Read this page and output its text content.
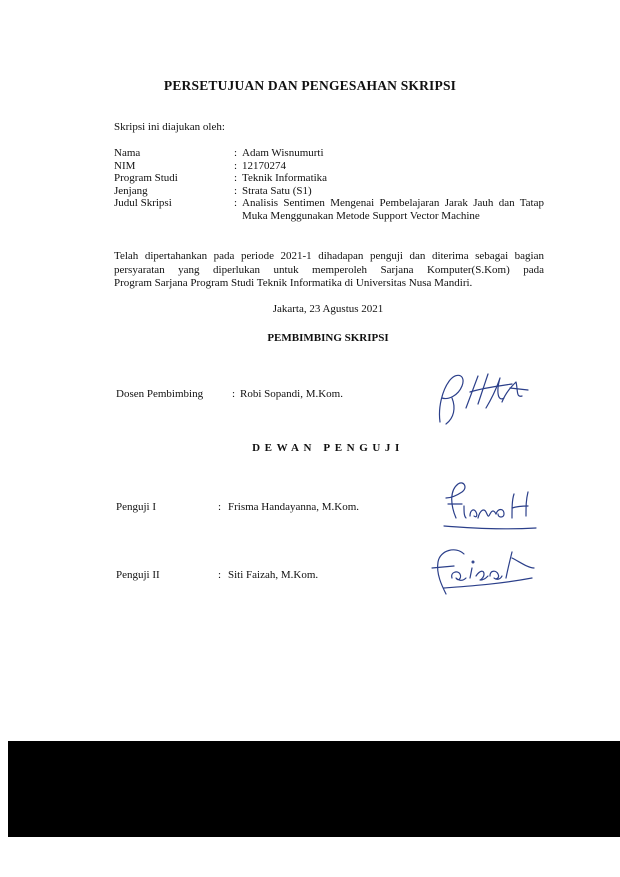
PERSETUJUAN DAN PENGESAHAN SKRIPSI
Skripsi ini diajukan oleh:
Nama	: Adam Wisnumurti
NIM	: 12170274
Program Studi	: Teknik Informatika
Jenjang	: Strata Satu (S1)
Judul Skripsi	: Analisis Sentimen Mengenai Pembelajaran Jarak Jauh dan Tatap Muka Menggunakan Metode Support Vector Machine
Telah dipertahankan pada periode 2021-1 dihadapan penguji dan diterima sebagai bagian
persyaratan yang diperlukan untuk memperoleh Sarjana Komputer(S.Kom) pada
Program Sarjana Program Studi Teknik Informatika di Universitas Nusa Mandiri.
Jakarta, 23 Agustus 2021
PEMBIMBING SKRIPSI
Dosen Pembimbing	: Robi Sopandi, M.Kom.
DEWAN PENGUJI
Penguji I	: Frisma Handayanna, M.Kom.
Penguji II	: Siti Faizah, M.Kom.
